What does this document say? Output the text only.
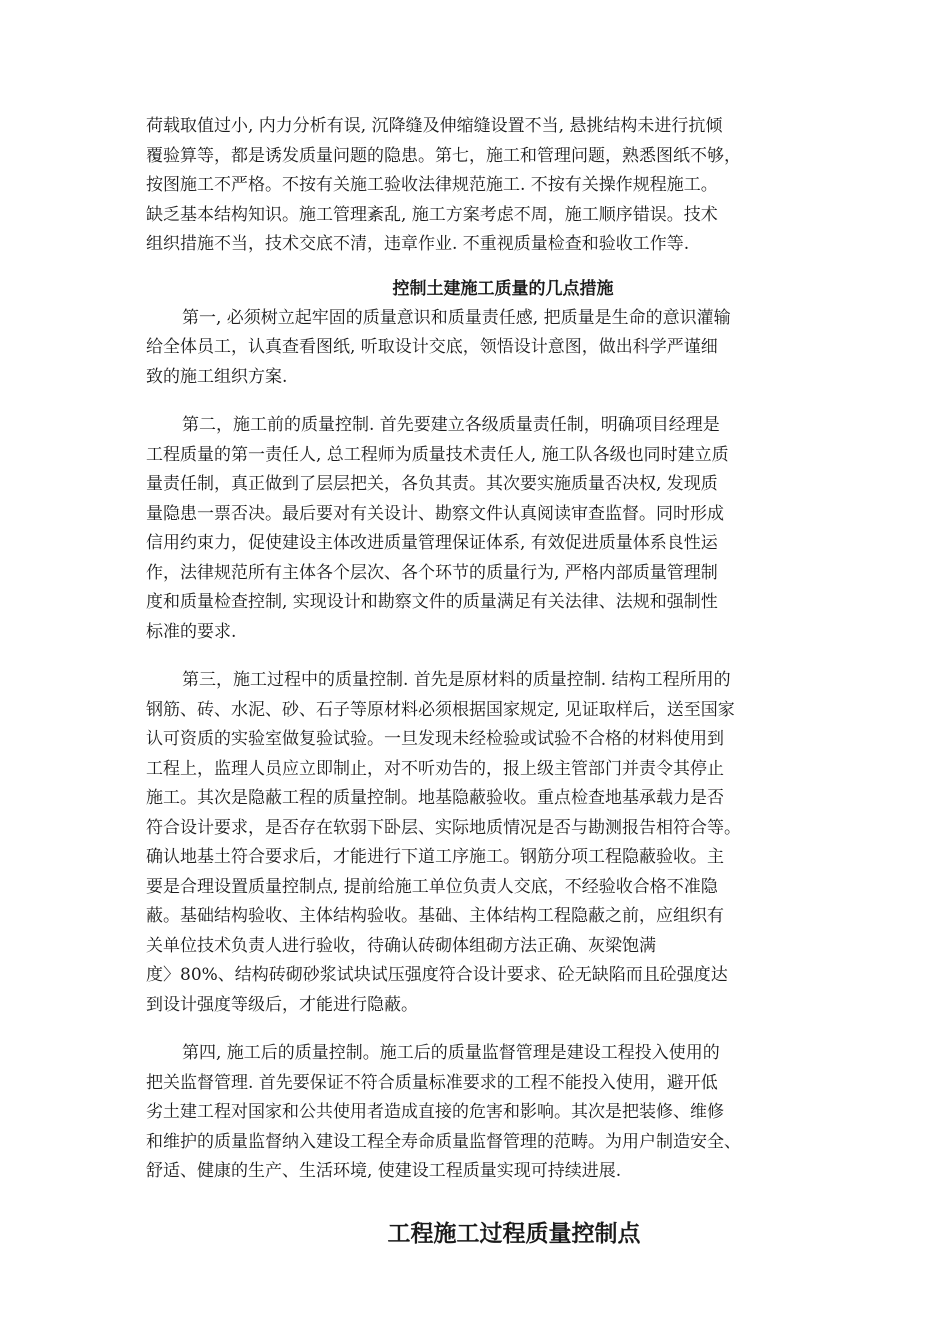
荷载取值过小, 内力分析有误, 沉降缝及伸缩缝设置不当, 悬挑结构未进行抗倾
覆验算等，都是诱发质量问题的隐患。第七，施工和管理问题，熟悉图纸不够，
按图施工不严格。不按有关施工验收法律规范施工. 不按有关操作规程施工。
缺乏基本结构知识。施工管理紊乱, 施工方案考虑不周，施工顺序错误。技术
组织措施不当，技术交底不清，违章作业. 不重视质量检查和验收工作等.
控制土建施工质量的几点措施
第一, 必须树立起牢固的质量意识和质量责任感, 把质量是生命的意识灌输
给全体员工，认真查看图纸, 听取设计交底，领悟设计意图，做出科学严谨细
致的施工组织方案.
第二，施工前的质量控制. 首先要建立各级质量责任制，明确项目经理是
工程质量的第一责任人, 总工程师为质量技术责任人, 施工队各级也同时建立质
量责任制，真正做到了层层把关，各负其责。其次要实施质量否决权, 发现质
量隐患一票否决。最后要对有关设计、勘察文件认真阅读审查监督。同时形成
信用约束力，促使建设主体改进质量管理保证体系, 有效促进质量体系良性运
作，法律规范所有主体各个层次、各个环节的质量行为, 严格内部质量管理制
度和质量检查控制, 实现设计和勘察文件的质量满足有关法律、法规和强制性
标准的要求.
第三，施工过程中的质量控制. 首先是原材料的质量控制. 结构工程所用的
钢筋、砖、水泥、砂、石子等原材料必须根据国家规定, 见证取样后，送至国家
认可资质的实验室做复验试验。一旦发现未经检验或试验不合格的材料使用到
工程上，监理人员应立即制止，对不听劝告的，报上级主管部门并责令其停止
施工。其次是隐蔽工程的质量控制。地基隐蔽验收。重点检查地基承载力是否
符合设计要求，是否存在软弱下卧层、实际地质情况是否与勘测报告相符合等。
确认地基土符合要求后，才能进行下道工序施工。钢筋分项工程隐蔽验收。主
要是合理设置质量控制点, 提前给施工单位负责人交底，不经验收合格不准隐
蔽。基础结构验收、主体结构验收。基础、主体结构工程隐蔽之前，应组织有
关单位技术负责人进行验收，待确认砖砌体组砌方法正确、灰梁饱满
度〉80%、结构砖砌砂浆试块试压强度符合设计要求、砼无缺陷而且砼强度达
到设计强度等级后，才能进行隐蔽。
第四, 施工后的质量控制。施工后的质量监督管理是建设工程投入使用的
把关监督管理. 首先要保证不符合质量标准要求的工程不能投入使用，避开低
劣土建工程对国家和公共使用者造成直接的危害和影响。其次是把装修、维修
和维护的质量监督纳入建设工程全寿命质量监督管理的范畴。为用户制造安全、
舒适、健康的生产、生活环境, 使建设工程质量实现可持续进展.
工程施工过程质量控制点
